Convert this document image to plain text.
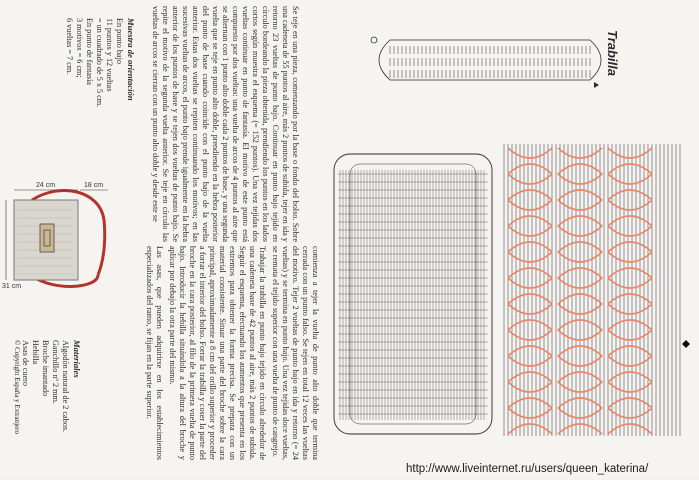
Muestra de orientación
En punto bajo
11 puntos y 12 vueltas
= un cuadrado de 5 x 5 cm.
En punto de fantasía
3 motivos = 6 cm;
6 vueltas = 7 cm.
Materiales
Algodón natural de 2 cabos.
Ganchillo nº 2 mm.
Broche imantado
Hebilla
Asas de cuero
© Copyright España y Extranjero
24 cm	18 cm
31 cm

Se teje en una pieza, comenzando por la base o fondo del bolso. Sobre una cadeneta de 55 puntos al aire, más 2 puntos de subida, tejer en ida y retorno 23 vueltas de punto bajo. Continuar en punto bajo tejido en círculo bordeando la pieza obtenida, prendiendo los puntos en los lados cortos según muestra el esquema (= 152 puntos). Una vez tejidas dos vueltas continuar en punto de fantasía. El motivo de este punto está compuesto por dos vueltas: una vuelta de arcos de 4 puntos al aire que se alternan con 1 punto alto doble cada 2 puntos de base, y una segunda vuelta que se teje en punto alto doble, prendiendo en la hebra posterior del punto de base cuando coincide con el punto bajo de la vuelta anterior. Estas dos vueltas se repiten continuando los motivos; en las sucesivas vueltas de arcos, el punto bajo prende igualmente en la hebra anterior de los puntos de base y se tejen dos vueltas de punto bajo. Se repite el motivo de la segunda vuelta anterior. Se teje en círculo las vueltas de arcos se cierran con un punto alto doble y desde este se

comienza a tejer la vuelta de punto alto doble que termina cerrada con un punto falso. Se tejen en total 12 veces las vueltas del motivo. Tejer 2 vueltas de punto bajo en ida y retorno (= 24 vueltas) y se termina en punto bajo. Una vez tejidas doce vueltas, se remata el tejido superior con una vuelta de punto de cangrejo.

Trabajar la trabilla en punto bajo tejido en círculo alrededor de una cadeneta base de 42 puntos al aire, más 2 puntos de subida. Seguir el esquema, efectuando los aumentos que presenta en los extremos para obtener la forma precisa. Se prepara con un material consistente. Situar una parte del broche sobre la cara principal, aproximadamente a 8 cm del orillo superior y proceder a forrar el interior del bolso. Forrar la trabilla y coser la parte del broche en la cara posterior, al filo de la primera vuelta de punto bajo. Introducir la hebilla situándola a la altura del broche y aplicar por debajo la otra parte del mismo.

Las asas, que pueden adquirirse en los establecimientos especializados del ramo, se fijan en la parte superior.

Trabilla
http://www.liveinternet.ru/users/queen_katerina/
